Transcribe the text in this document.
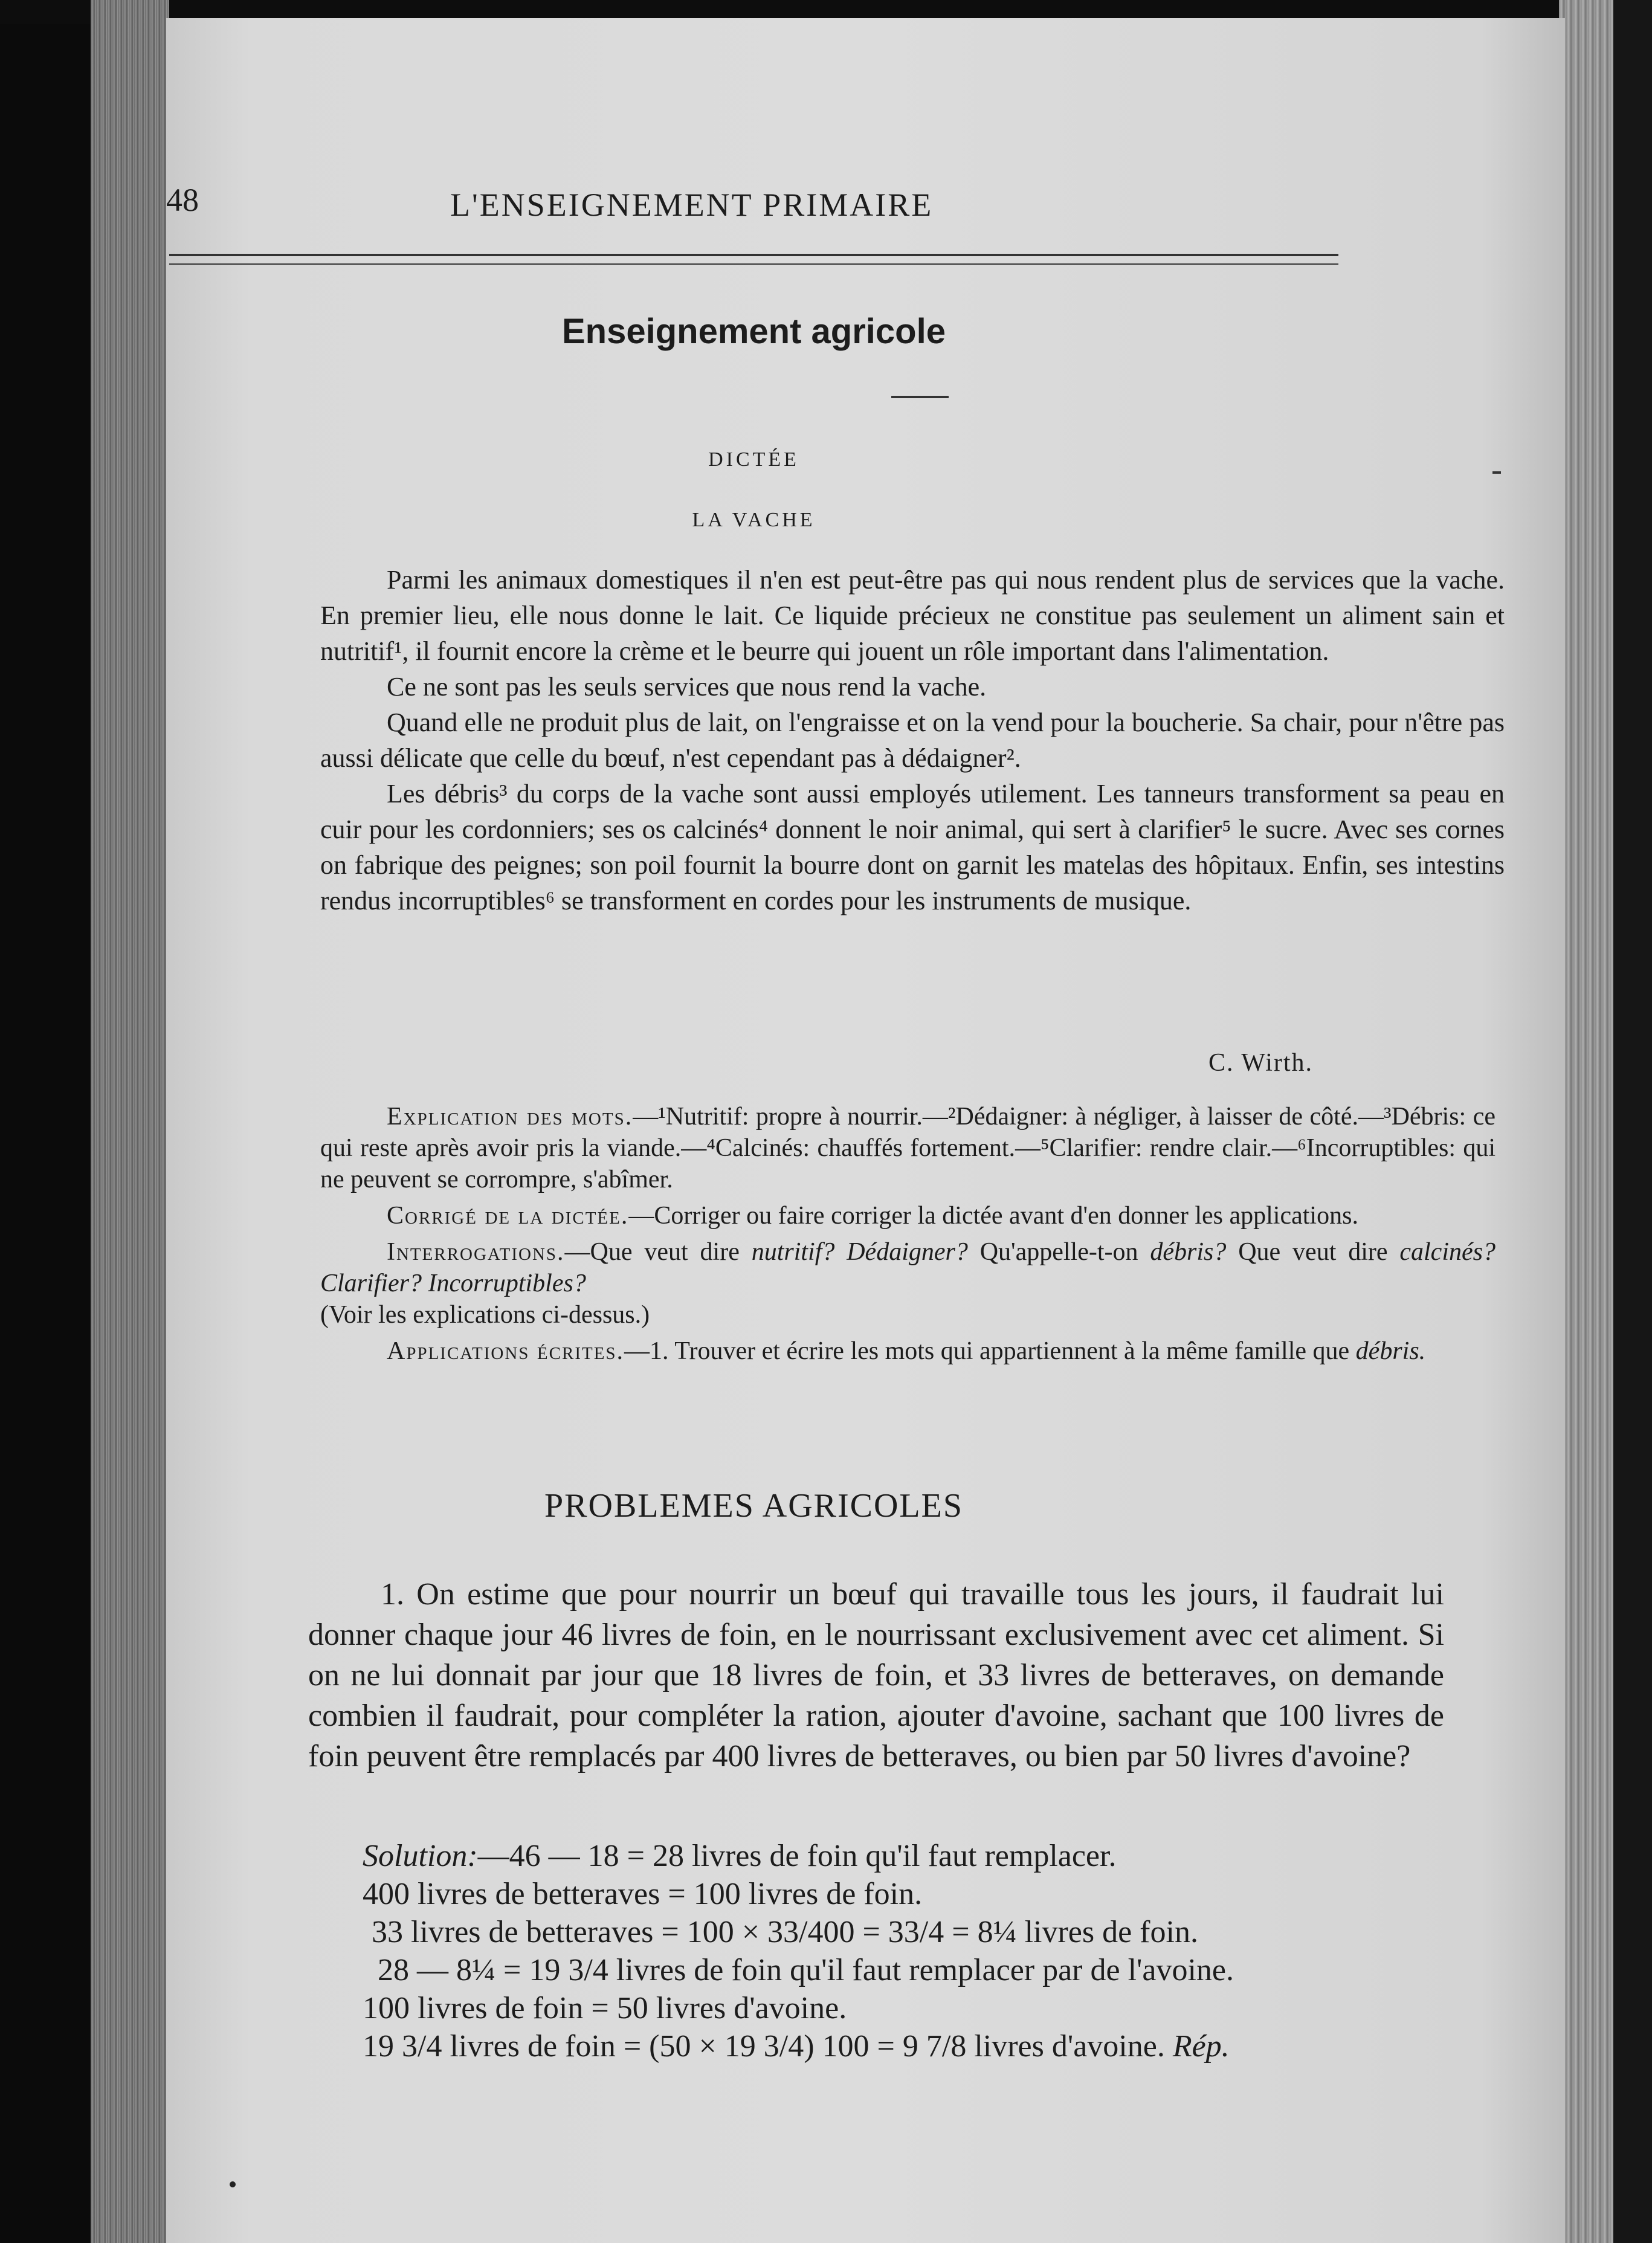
48	L'ENSEIGNEMENT PRIMAIRE
Enseignement agricole
DICTÉE
LA VACHE

Parmi les animaux domestiques il n'en est peut-être pas qui nous rendent plus de services que la vache. En premier lieu, elle nous donne le lait. Ce liquide précieux ne constitue pas seulement un aliment sain et nutritif¹, il fournit encore la crème et le beurre qui jouent un rôle important dans l'alimentation.

Ce ne sont pas les seuls services que nous rend la vache.

Quand elle ne produit plus de lait, on l'engraisse et on la vend pour la boucherie. Sa chair, pour n'être pas aussi délicate que celle du bœuf, n'est cependant pas à dédaigner².

Les débris³ du corps de la vache sont aussi employés utilement. Les tanneurs transforment sa peau en cuir pour les cordonniers; ses os calcinés⁴ donnent le noir animal, qui sert à clarifier⁵ le sucre. Avec ses cornes on fabrique des peignes; son poil fournit la bourre dont on garnit les matelas des hôpitaux. Enfin, ses intestins rendus incorruptibles⁶ se transforment en cordes pour les instruments de musique.

C. Wirth.

Explication des mots.—¹Nutritif: propre à nourrir.—²Dédaigner: à négliger, à laisser de côté.—³Débris: ce qui reste après avoir pris la viande.—⁴Calcinés: chauffés fortement.—⁵Clarifier: rendre clair.—⁶Incorruptibles: qui ne peuvent se corrompre, s'abîmer.

Corrigé de la dictée.—Corriger ou faire corriger la dictée avant d'en donner les applications.

Interrogations.—Que veut dire nutritif? Dédaigner? Qu'appelle-t-on débris? Que veut dire calcinés? Clarifier? Incorruptibles?
(Voir les explications ci-dessus.)

Applications écrites.—1. Trouver et écrire les mots qui appartiennent à la même famille que débris.

PROBLEMES AGRICOLES

1. On estime que pour nourrir un bœuf qui travaille tous les jours, il faudrait lui donner chaque jour 46 livres de foin, en le nourrissant exclusivement avec cet aliment. Si on ne lui donnait par jour que 18 livres de foin, et 33 livres de betteraves, on demande combien il faudrait, pour compléter la ration, ajouter d'avoine, sachant que 100 livres de foin peuvent être remplacés par 400 livres de betteraves, ou bien par 50 livres d'avoine?

Solution:—46 — 18 = 28 livres de foin qu'il faut remplacer.
400 livres de betteraves = 100 livres de foin.
33 livres de betteraves = 100 × 33/400 = 33/4 = 8¼ livres de foin.
28 — 8¼ = 19 3/4 livres de foin qu'il faut remplacer par de l'avoine.
100 livres de foin = 50 livres d'avoine.
19 3/4 livres de foin = (50 × 19 3/4) 100 = 9 7/8 livres d'avoine. Rép.
